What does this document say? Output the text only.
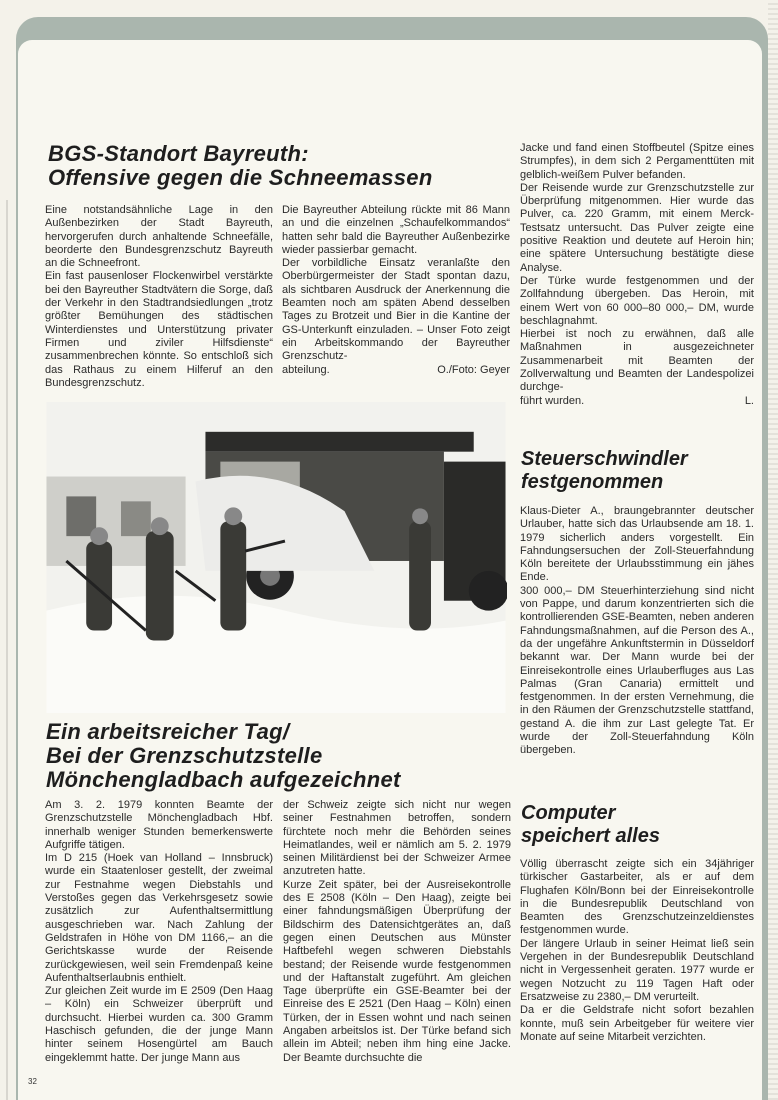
BGS-Standort Bayreuth:
Offensive gegen die Schneemassen

Eine notstandsähnliche Lage in den Außenbezirken der Stadt Bayreuth, hervorgerufen durch anhaltende Schneefälle, beorderte den Bundesgrenzschutz Bayreuth an die Schneefront.

Ein fast pausenloser Flockenwirbel verstärkte bei den Bayreuther Stadtvätern die Sorge, daß der Verkehr in den Stadtrandsiedlungen „trotz größter Bemühungen des städtischen Winterdienstes und Unterstützung privater Firmen und ziviler Hilfsdienste“ zusammenbrechen könnte. So entschloß sich das Rathaus zu einem Hilferuf an den Bundesgrenzschutz.

Die Bayreuther Abteilung rückte mit 86 Mann an und die einzelnen „Schaufelkommandos“ hatten sehr bald die Bayreuther Außenbezirke wieder passierbar gemacht.

Der vorbildliche Einsatz veranlaßte den Oberbürgermeister der Stadt spontan dazu, als sichtbaren Ausdruck der Anerkennung die Beamten noch am späten Abend desselben Tages zu Brotzeit und Bier in die Kantine der GS-Unterkunft einzuladen. – Unser Foto zeigt ein Arbeitskommando der Bayreuther Grenzschutz-

abteilung.	O./Foto: Geyer
Ein arbeitsreicher Tag/
Bei der Grenzschutzstelle
Mönchengladbach aufgezeichnet

Am 3. 2. 1979 konnten Beamte der Grenzschutzstelle Mönchengladbach Hbf. innerhalb weniger Stunden bemerkenswerte Aufgriffe tätigen.

Im D 215 (Hoek van Holland – Innsbruck) wurde ein Staatenloser gestellt, der zweimal zur Festnahme wegen Diebstahls und Verstoßes gegen das Verkehrsgesetz sowie zusätzlich zur Aufenthaltsermittlung ausgeschrieben war. Nach Zahlung der Geldstrafen in Höhe von DM 1166,– an die Gerichtskasse wurde der Reisende zurückgewiesen, weil sein Fremdenpaß keine Aufenthaltserlaubnis enthielt.

Zur gleichen Zeit wurde im E 2509 (Den Haag – Köln) ein Schweizer überprüft und durchsucht. Hierbei wurden ca. 300 Gramm Haschisch gefunden, die der junge Mann hinter seinem Hosengürtel am Bauch eingeklemmt hatte. Der junge Mann aus

der Schweiz zeigte sich nicht nur wegen seiner Festnahmen betroffen, sondern fürchtete noch mehr die Behörden seines Heimatlandes, weil er nämlich am 5. 2. 1979 seinen Militärdienst bei der Schweizer Armee anzutreten hatte.

Kurze Zeit später, bei der Ausreisekontrolle des E 2508 (Köln – Den Haag), zeigte bei einer fahndungsmäßigen Überprüfung der Bildschirm des Datensichtgerätes an, daß gegen einen Deutschen aus Münster Haftbefehl wegen schweren Diebstahls bestand; der Reisende wurde festgenommen und der Haftanstalt zugeführt. Am gleichen Tage überprüfte ein GSE-Beamter bei der Einreise des E 2521 (Den Haag – Köln) einen Türken, der in Essen wohnt und nach seinen Angaben arbeitslos ist. Der Türke befand sich allein im Abteil; neben ihm hing eine Jacke. Der Beamte durchsuchte die

Jacke und fand einen Stoffbeutel (Spitze eines Strumpfes), in dem sich 2 Pergamenttüten mit gelblich-weißem Pulver befanden.

Der Reisende wurde zur Grenzschutzstelle zur Überprüfung mitgenommen. Hier wurde das Pulver, ca. 220 Gramm, mit einem Merck-Testsatz untersucht. Das Pulver zeigte eine positive Reaktion und deutete auf Heroin hin; eine spätere Untersuchung bestätigte diese Analyse.

Der Türke wurde festgenommen und der Zollfahndung übergeben. Das Heroin, mit einem Wert von 60 000–80 000,– DM, wurde beschlagnahmt.

Hierbei ist noch zu erwähnen, daß alle Maßnahmen in ausgezeichneter Zusammenarbeit mit Beamten der Zollverwaltung und Beamten der Landespolizei durchge-

führt wurden.	L.
Steuerschwindler
festgenommen

Klaus-Dieter A., braungebrannter deutscher Urlauber, hatte sich das Urlaubsende am 18. 1. 1979 sicherlich anders vorgestellt. Ein Fahndungsersuchen der Zoll-Steuerfahndung Köln bereitete der Urlaubsstimmung ein jähes Ende.

300 000,– DM Steuerhinterziehung sind nicht von Pappe, und darum konzentrierten sich die kontrollierenden GSE-Beamten, neben anderen Fahndungsmaßnahmen, auf die Person des A., da der ungefähre Ankunftstermin in Düsseldorf bekannt war. Der Mann wurde bei der Einreisekontrolle eines Urlauberfluges aus Las Palmas (Gran Canaria) ermittelt und festgenommen. In der ersten Vernehmung, die in den Räumen der Grenzschutzstelle stattfand, gestand A. die ihm zur Last gelegte Tat. Er wurde der Zoll-Steuerfahndung Köln übergeben.

Computer
speichert alles

Völlig überrascht zeigte sich ein 34jähriger türkischer Gastarbeiter, als er auf dem Flughafen Köln/Bonn bei der Einreisekontrolle in die Bundesrepublik Deutschland von Beamten des Grenzschutzeinzeldienstes festgenommen wurde.

Der längere Urlaub in seiner Heimat ließ sein Vergehen in der Bundesrepublik Deutschland nicht in Vergessenheit geraten. 1977 wurde er wegen Notzucht zu 119 Tagen Haft oder Ersatzweise zu 2380,– DM verurteilt.

Da er die Geldstrafe nicht sofort bezahlen konnte, muß sein Arbeitgeber für weitere vier Monate auf seine Mitarbeit verzichten.

32
